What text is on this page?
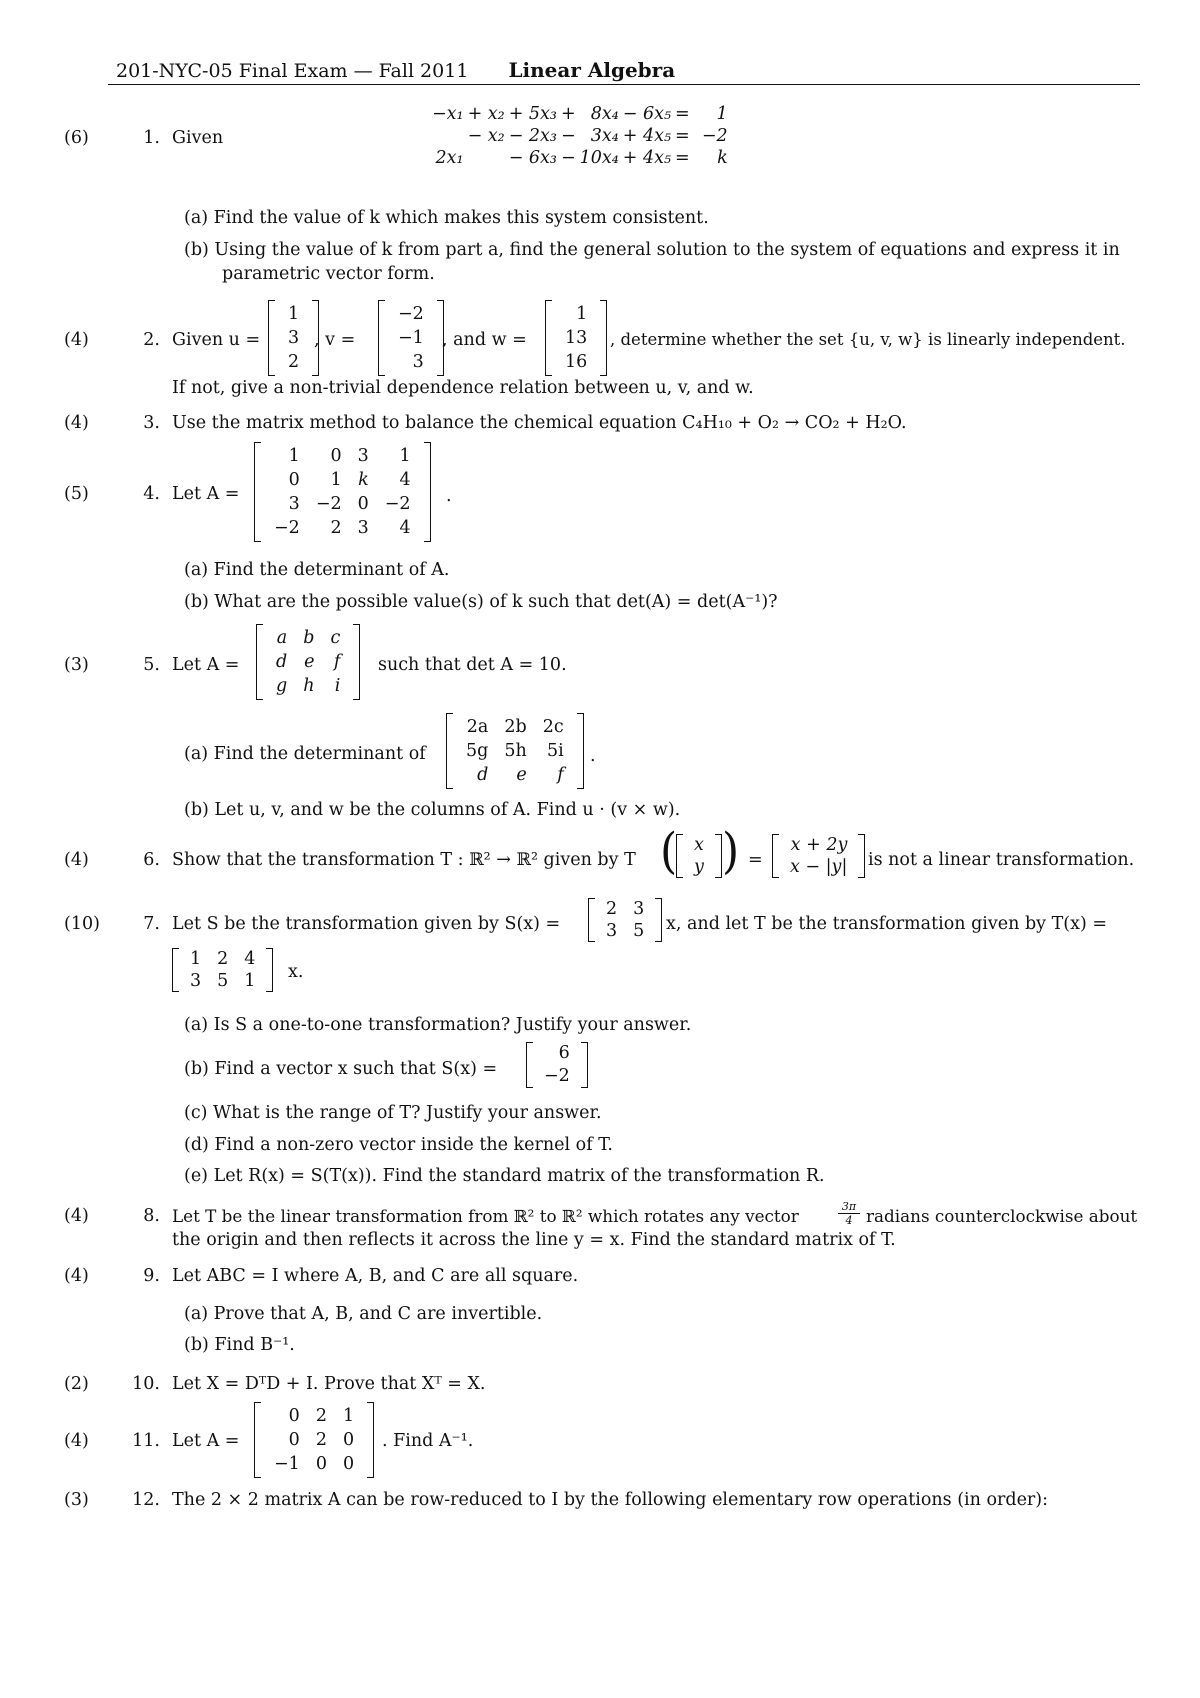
201-NYC-05 Final Exam — Fall 2011 Linear Algebra
(6)	1. Given
−x₁	+ x₂	+ 5x₃	+	8x₄	− 6x₅	=	1
	− x₂	− 2x₃	−	3x₄	+ 4x₅	=	−2
2x₁		− 6x₃	−	10x₄	+ 4x₅	=	k
(a) Find the value of k which makes this system consistent.
(b) Using the value of k from part a, find the general solution to the system of equations and express it in parametric vector form.
(4)	2. Given u =
1
3
2
, v =
−2
−1
3
, and w =
1
13
16
, determine whether the set {u, v, w} is linearly independent.
If not, give a non-trivial dependence relation between u, v, and w.
(4)	3. Use the matrix method to balance the chemical equation C₄H₁₀ + O₂ → CO₂ + H₂O.
(5)	4. Let A =
1	0	3	1
0	1	k	4
3	−2	0	−2
−2	2	3	4
.
(a) Find the determinant of A.
(b) What are the possible value(s) of k such that det(A) = det(A⁻¹)?
(3)	5. Let A =
a	b	c
d	e	f
g	h	i
such that det A = 10.
(a) Find the determinant of
2a	2b	2c
5g	5h	5i
d	e	f
.
(b) Let u, v, and w be the columns of A. Find u · (v × w).
(4)	6. Show that the transformation T : ℝ² → ℝ² given by T ( x
y ) =
x + 2y
x − |y| is not a linear transformation.
(10)	7. Let S be the transformation given by S(x) =
2	3
3	5 x, and let T be the transformation given by T(x) =
1	2	4
3	5	1 x.
(a) Is S a one-to-one transformation? Justify your answer.
(b) Find a vector x such that S(x) =
6
−2
(c) What is the range of T? Justify your answer.
(d) Find a non-zero vector inside the kernel of T.
(e) Let R(x) = S(T(x)). Find the standard matrix of the transformation R.
(4)	8. Let T be the linear transformation from ℝ² to ℝ² which rotates any vector	3π
4 radians counterclockwise about
the origin and then reflects it across the line y = x. Find the standard matrix of T.
(4)	9. Let ABC = I where A, B, and C are all square.
(a) Prove that A, B, and C are invertible.
(b) Find B⁻¹.
(2)	10. Let X = DᵀD + I. Prove that Xᵀ = X.
(4)	11. Let A =
0	2	1
0	2	0
−1	0	0
. Find A⁻¹.
(3)	12. The 2 × 2 matrix A can be row-reduced to I by the following elementary row operations (in order):
